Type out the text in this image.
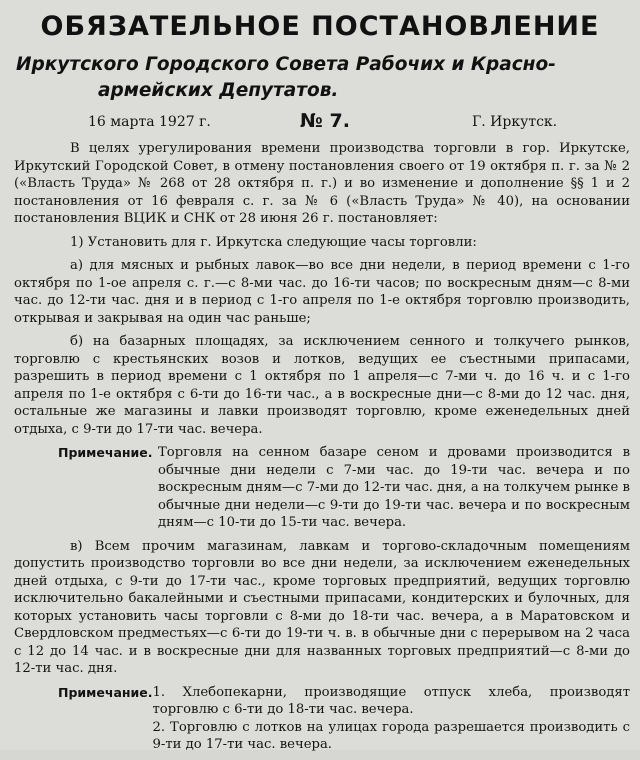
ОБЯЗАТЕЛЬНОЕ ПОСТАНОВЛЕНИЕ
Иркутского Городского Совета Рабочих и Красно-
армейских Депутатов.
16 марта 1927 г.	№ 7.	Г. Иркутск.

В целях урегулирования времени производства торговли в гор. Иркутске, Иркутский Городской Совет, в отмену постановления своего от 19 октября п. г. за № 2 («Власть Труда» № 268 от 28 октября п. г.) и во изменение и дополнение §§ 1 и 2 постановления от 16 февраля с. г. за № 6 («Власть Труда» № 40), на основании постановления ВЦИК и СНК от 28 июня 26 г. постановляет:

1) Установить для г. Иркутска следующие часы торговли:

а) для мясных и рыбных лавок—во все дни недели, в период времени с 1-го октября по 1-ое апреля с. г.—с 8-ми час. до 16-ти часов; по воскресным дням—с 8-ми час. до 12-ти час. дня и в период с 1-го апреля по 1-е октября торговлю производить, открывая и закрывая на один час раньше;

б) на базарных площадях, за исключением сенного и толкучего рынков, торговлю с крестьянских возов и лотков, ведущих ее съестными припасами, разрешить в период времени с 1 октября по 1 апреля—с 7-ми ч. до 16 ч. и с 1-го апреля по 1-е октября с 6-ти до 16-ти час., а в воскресные дни—с 8-ми до 12 час. дня, остальные же магазины и лавки производят торговлю, кроме еженедельных дней отдыха, с 9-ти до 17-ти час. вечера.

Примечание. Торговля на сенном базаре сеном и дровами производится в обычные дни недели с 7-ми час. до 19-ти час. вечера и по воскресным дням—с 7-ми до 12-ти час. дня, а на толкучем рынке в обычные дни недели—с 9-ти до 19-ти час. вечера и по воскресным дням—с 10-ти до 15-ти час. вечера.

в) Всем прочим магазинам, лавкам и торгово-складочным помещениям допустить производство торговли во все дни недели, за исключением еженедельных дней отдыха, с 9-ти до 17-ти час., кроме торговых предприятий, ведущих торговлю исключительно бакалейными и съестными припасами, кондитерских и булочных, для которых установить часы торговли с 8-ми до 18-ти час. вечера, а в Маратовском и Свердловском предместьях—с 6-ти до 19-ти ч. в. в обычные дни с перерывом на 2 часа с 12 до 14 час. и в воскресные дни для названных торговых предприятий—с 8-ми до 12-ти час. дня.

Примечание. 1. Хлебопекарни, производящие отпуск хлеба, производят торговлю с 6-ти до 18-ти час. вечера.
2. Торговлю с лотков на улицах города разрешается производить с 9-ти до 17-ти час. вечера.
